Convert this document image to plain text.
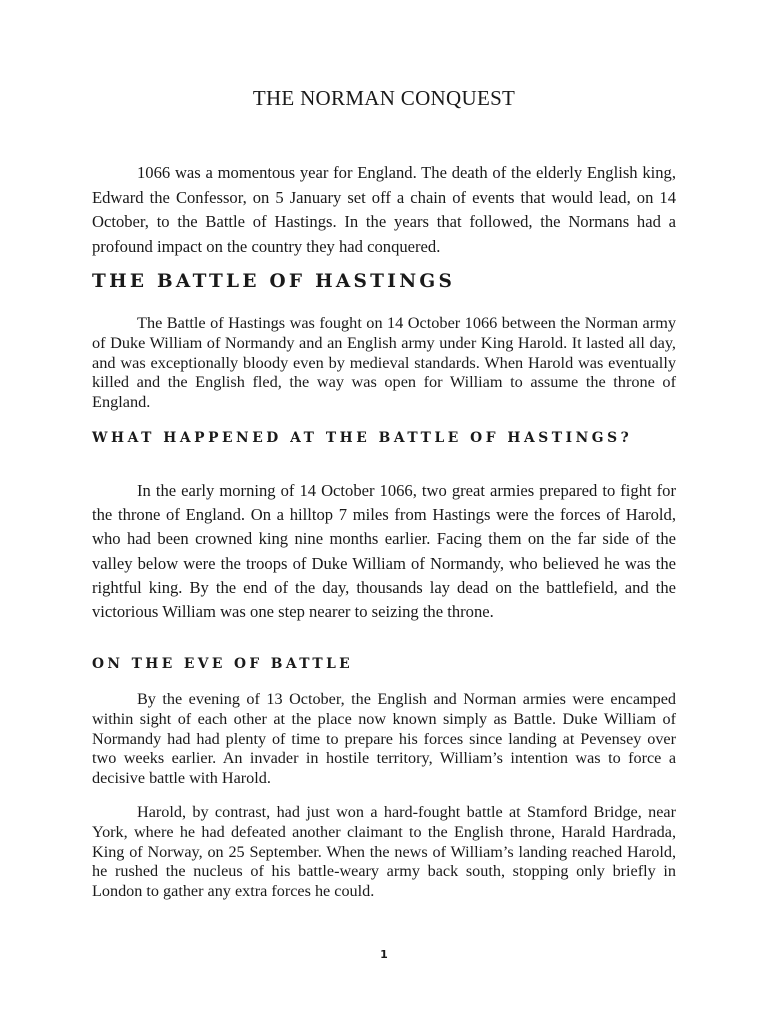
THE NORMAN CONQUEST

1066 was a momentous year for England. The death of the elderly English king, Edward the Confessor, on 5 January set off a chain of events that would lead, on 14 October, to the Battle of Hastings. In the years that followed, the Normans had a profound impact on the country they had conquered.

THE BATTLE OF HASTINGS

The Battle of Hastings was fought on 14 October 1066 between the Norman army of Duke William of Normandy and an English army under King Harold. It lasted all day, and was exceptionally bloody even by medieval standards. When Harold was eventually killed and the English fled, the way was open for William to assume the throne of England.

WHAT HAPPENED AT THE BATTLE OF HASTINGS?

In the early morning of 14 October 1066, two great armies prepared to fight for the throne of England. On a hilltop 7 miles from Hastings were the forces of Harold, who had been crowned king nine months earlier. Facing them on the far side of the valley below were the troops of Duke William of Normandy, who believed he was the rightful king. By the end of the day, thousands lay dead on the battlefield, and the victorious William was one step nearer to seizing the throne.

ON THE EVE OF BATTLE

By the evening of 13 October, the English and Norman armies were encamped within sight of each other at the place now known simply as Battle. Duke William of Normandy had had plenty of time to prepare his forces since landing at Pevensey over two weeks earlier. An invader in hostile territory, William’s intention was to force a decisive battle with Harold.

Harold, by contrast, had just won a hard-fought battle at Stamford Bridge, near York, where he had defeated another claimant to the English throne, Harald Hardrada, King of Norway, on 25 September. When the news of William’s landing reached Harold, he rushed the nucleus of his battle-weary army back south, stopping only briefly in London to gather any extra forces he could.

1
